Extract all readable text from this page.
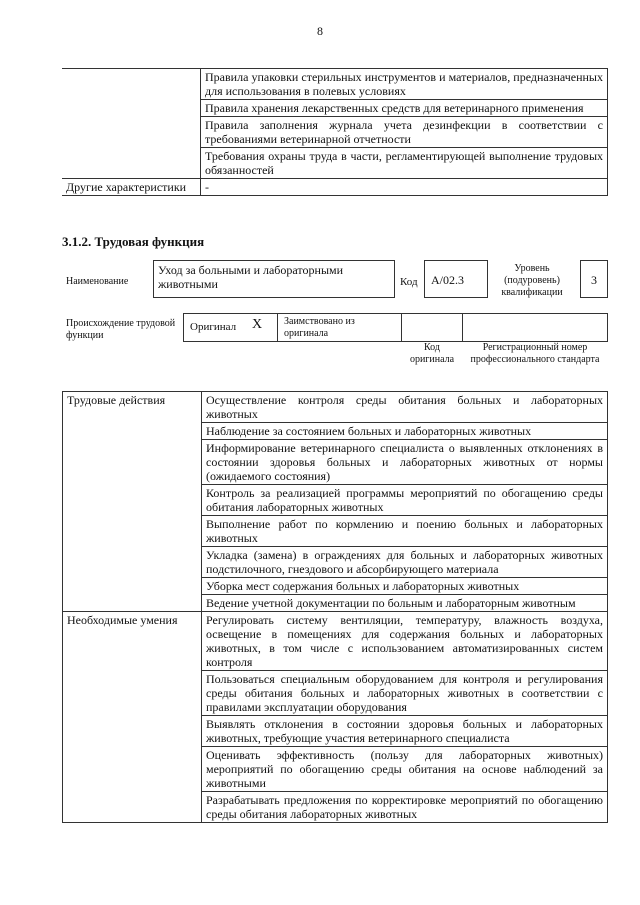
8
	Правила упаковки стерильных инструментов и материалов, предназначенных для использования в полевых условиях
	Правила хранения лекарственных средств для ветеринарного применения
	Правила заполнения журнала учета дезинфекции в соответствии с требованиями ветеринарной отчетности
	Требования охраны труда в части, регламентирующей выполнение трудовых обязанностей
Другие характеристики	-
3.1.2. Трудовая функция
Наименование
Уход за больными и лабораторными животными	Код	А/02.3
Уровень (подуровень) квалификации
3
Происхождение трудовой функции
Оригинал X	Заимствовано из оригинала
Код оригинала
Регистрационный номер профессионального стандарта
Трудовые действия	Осуществление контроля среды обитания больных и лабораторных животных
	Наблюдение за состоянием больных и лабораторных животных
	Информирование ветеринарного специалиста о выявленных отклонениях в состоянии здоровья больных и лабораторных животных от нормы (ожидаемого состояния)
	Контроль за реализацией программы мероприятий по обогащению среды обитания лабораторных животных
	Выполнение работ по кормлению и поению больных и лабораторных животных
	Укладка (замена) в ограждениях для больных и лабораторных животных подстилочного, гнездового и абсорбирующего материала
	Уборка мест содержания больных и лабораторных животных
	Ведение учетной документации по больным и лабораторным животным
Необходимые умения	Регулировать систему вентиляции, температуру, влажность воздуха, освещение в помещениях для содержания больных и лабораторных животных, в том числе с использованием автоматизированных систем контроля
	Пользоваться специальным оборудованием для контроля и регулирования среды обитания больных и лабораторных животных в соответствии с правилами эксплуатации оборудования
	Выявлять отклонения в состоянии здоровья больных и лабораторных животных, требующие участия ветеринарного специалиста
	Оценивать эффективность (пользу для лабораторных животных) мероприятий по обогащению среды обитания на основе наблюдений за животными
	Разрабатывать предложения по корректировке мероприятий по обогащению среды обитания лабораторных животных
